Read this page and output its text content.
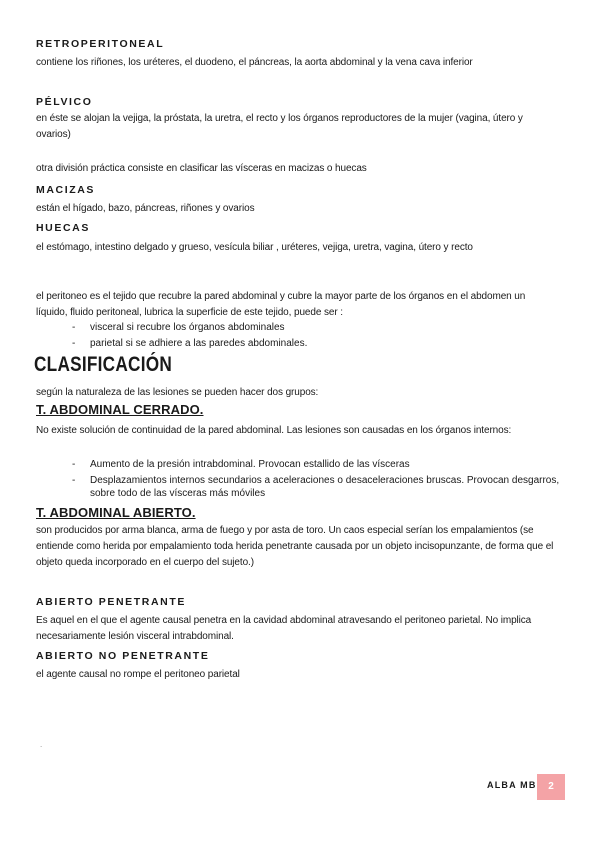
RETROPERITONEAL
contiene los riñones, los uréteres, el duodeno, el páncreas, la aorta abdominal y la vena cava inferior
PÉLVICO
en éste se alojan la vejiga, la próstata, la uretra, el recto y los órganos reproductores de la mujer (vagina, útero y ovarios)
otra división práctica consiste en clasificar las vísceras en macizas o huecas
MACIZAS
están el hígado, bazo, páncreas, riñones y ovarios
HUECAS
el estómago, intestino delgado y grueso, vesícula biliar , uréteres, vejiga, uretra, vagina, útero y recto
el peritoneo es el tejido que recubre la pared abdominal y cubre la mayor parte de los órganos en el abdomen un líquido, fluido peritoneal, lubrica la superficie de este tejido, puede ser :
- visceral si recubre los órganos abdominales
- parietal si se adhiere a las paredes abdominales.
CLASIFICACIÓN
según la naturaleza de las lesiones se pueden hacer dos grupos:
T. ABDOMINAL CERRADO.
No existe solución de continuidad de la pared abdominal. Las lesiones son causadas en los órganos internos:
- Aumento de la presión intrabdominal. Provocan estallido de las vísceras
- Desplazamientos internos secundarios a aceleraciones o desaceleraciones bruscas. Provocan desgarros, sobre todo de las vísceras más móviles
T. ABDOMINAL ABIERTO.
son producidos por arma blanca, arma de fuego y por asta de toro. Un caos especial serían los empalamientos (se entiende como herida por empalamiento toda herida penetrante causada por un objeto incisopunzante, de forma que el objeto queda incorporado en el cuerpo del sujeto.)
ABIERTO PENETRANTE
Es aquel en el que el agente causal penetra en la cavidad abdominal atravesando el peritoneo parietal. No implica necesariamente lesión visceral intrabdominal.
ABIERTO NO PENETRANTE
el agente causal no rompe el peritoneo parietal
.
ALBA MB	2
